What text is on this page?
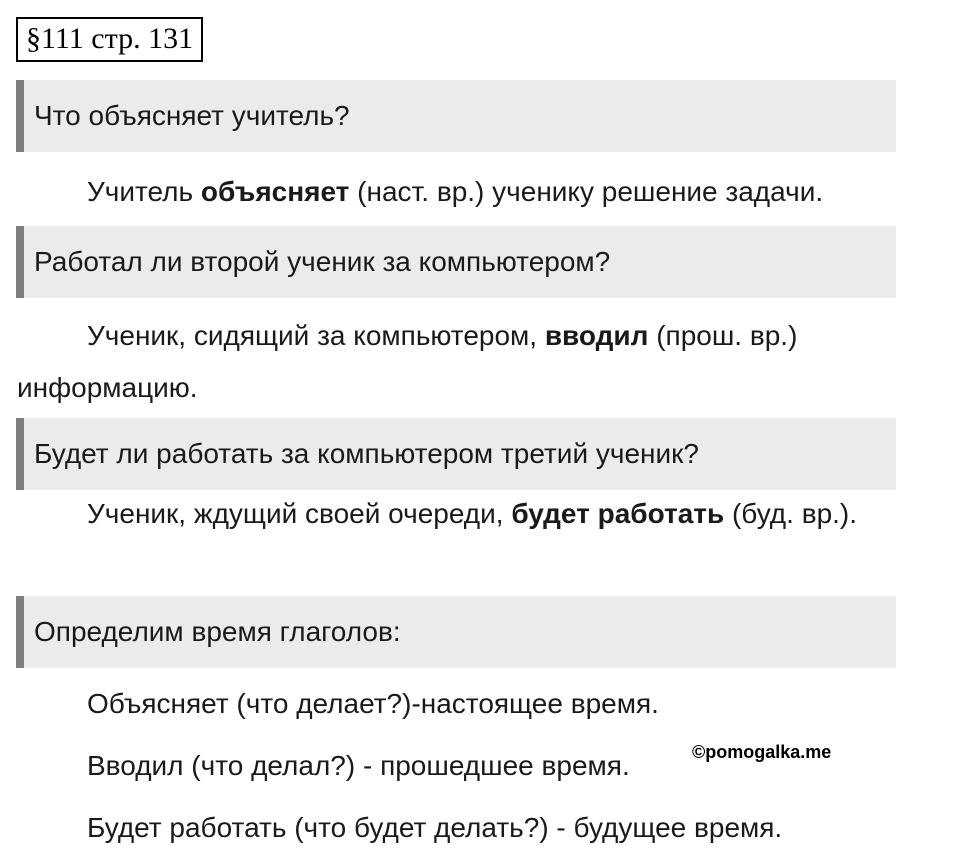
§111 стр. 131
Что объясняет учитель?
Учитель объясняет (наст. вр.) ученику решение задачи.
Работал ли второй ученик за компьютером?
Ученик, сидящий за компьютером, вводил (прош. вр.) информацию.
Будет ли работать за компьютером третий ученик?
Ученик, ждущий своей очереди, будет работать (буд. вр.).
Определим время глаголов:
Объясняет (что делает?)-настоящее время.
Вводил (что делал?) - прошедшее время.
Будет работать (что будет делать?) - будущее время.
©pomogalka.me
